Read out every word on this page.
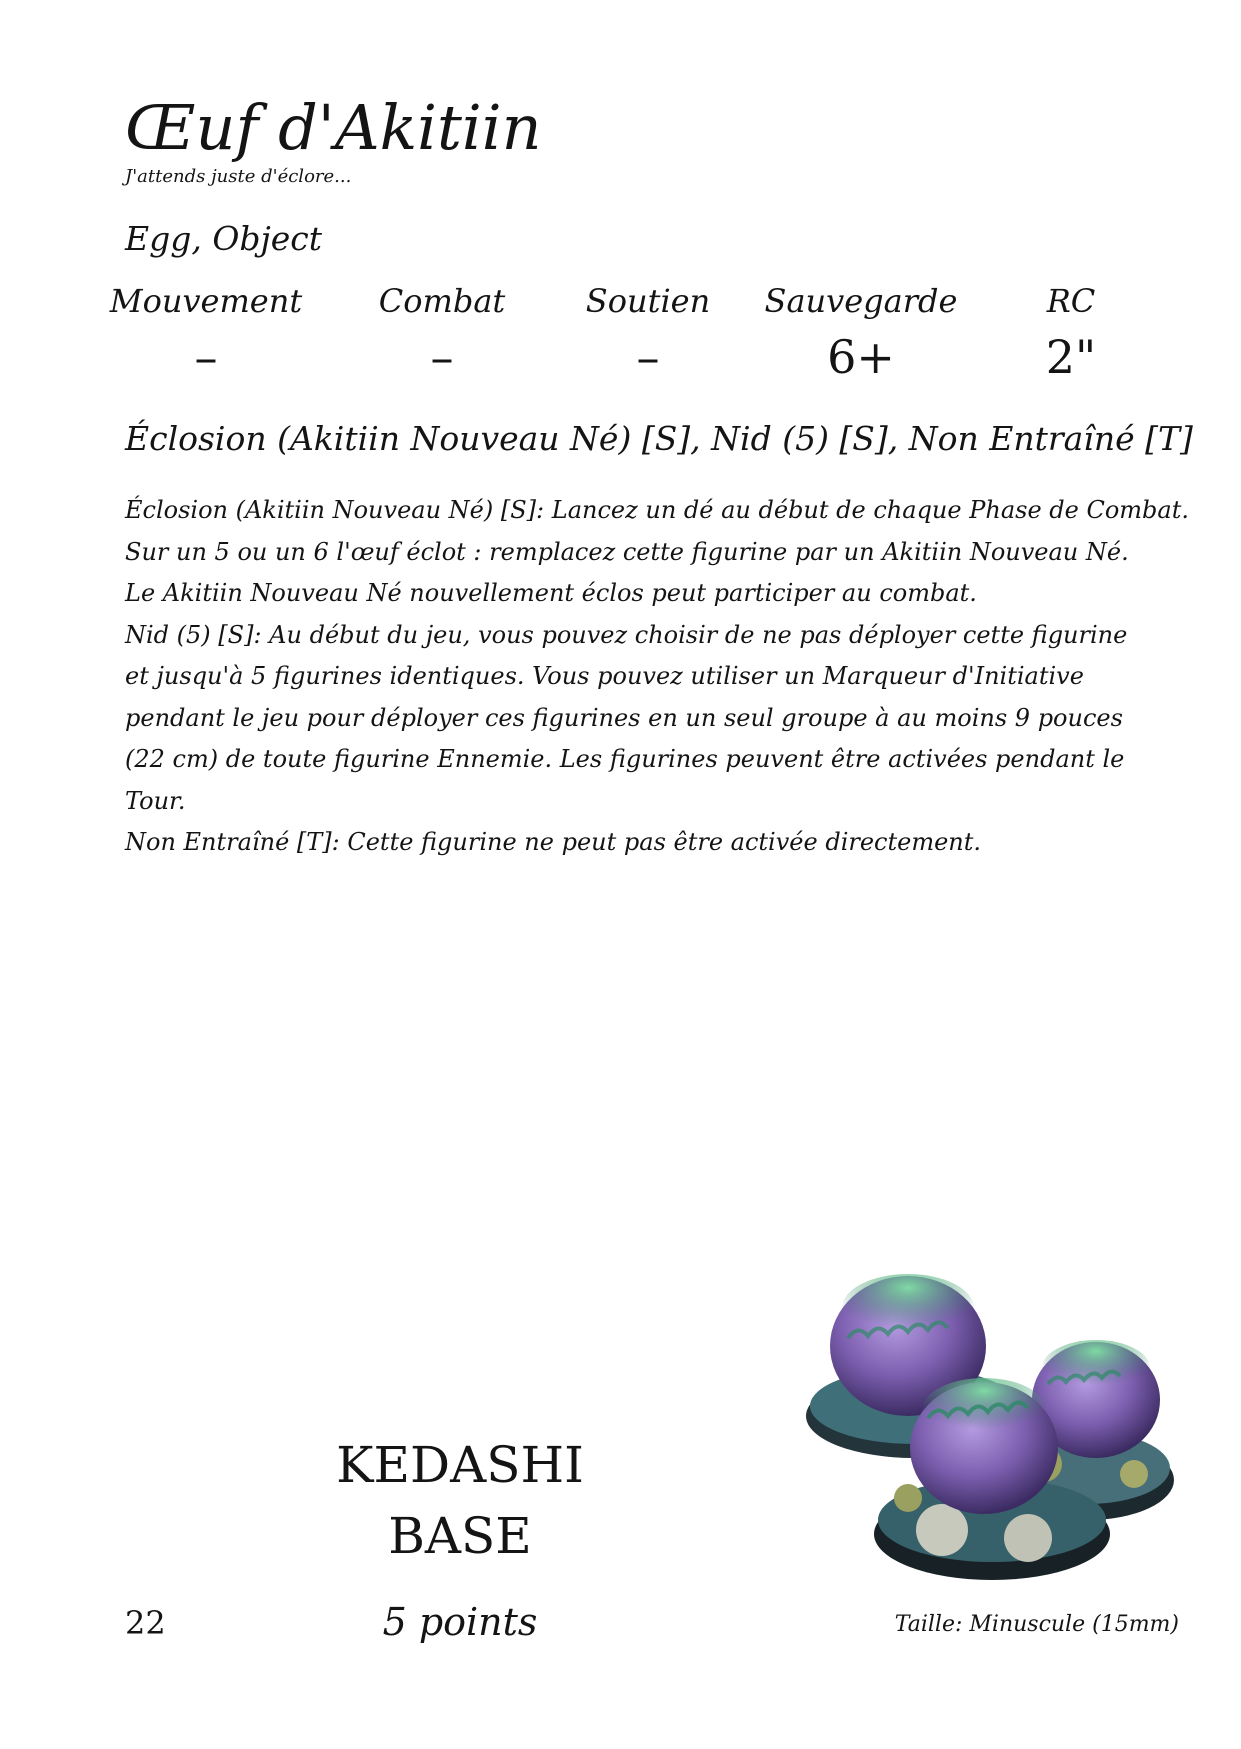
Œuf d'Akitiin
J'attends juste d'éclore...
Egg, Object
Mouvement
–
Combat
–
Soutien
–
Sauvegarde
6+
RC
2"
Éclosion (Akitiin Nouveau Né) [S], Nid (5) [S], Non Entraîné [T]
Éclosion (Akitiin Nouveau Né) [S]: Lancez un dé au début de chaque Phase de Combat.
Sur un 5 ou un 6 l'œuf éclot : remplacez cette figurine par un Akitiin Nouveau Né.
Le Akitiin Nouveau Né nouvellement éclos peut participer au combat.
Nid (5) [S]: Au début du jeu, vous pouvez choisir de ne pas déployer cette figurine
et jusqu'à 5 figurines identiques. Vous pouvez utiliser un Marqueur d'Initiative
pendant le jeu pour déployer ces figurines en un seul groupe à au moins 9 pouces
(22 cm) de toute figurine Ennemie. Les figurines peuvent être activées pendant le
Tour.
Non Entraîné [T]: Cette figurine ne peut pas être activée directement.
KEDASHI
BASE
5 points
22	Taille: Minuscule (15mm)
